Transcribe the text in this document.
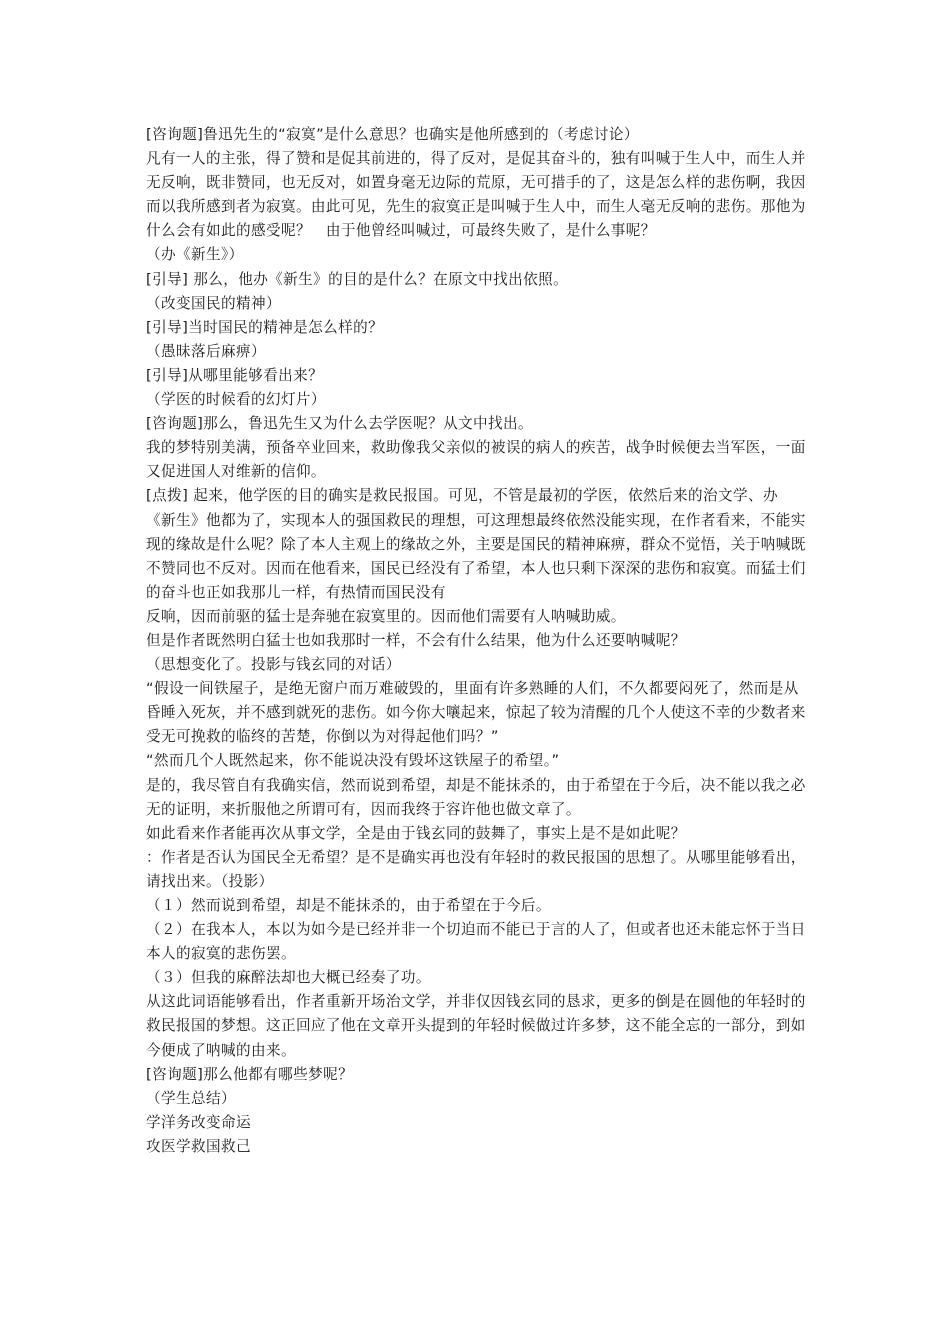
[咨询题]鲁迅先生的“寂寞”是什么意思？也确实是他所感到的（考虑讨论）

凡有一人的主张，得了赞和是促其前进的，得了反对，是促其奋斗的，独有叫喊于生人中，而生人并无反响，既非赞同，也无反对，如置身毫无边际的荒原，无可措手的了，这是怎么样的悲伤啊，我因而以我所感到者为寂寞。由此可见，先生的寂寞正是叫喊于生人中，而生人毫无反响的悲伤。那他为什么会有如此的感受呢？　由于他曾经叫喊过，可最终失败了，是什么事呢？

（办《新生》）

[引导] 那么，他办《新生》的目的是什么？在原文中找出依照。

（改变国民的精神）

[引导]当时国民的精神是怎么样的？

（愚昧落后麻痹）

[引导]从哪里能够看出来？

（学医的时候看的幻灯片）

[咨询题]那么，鲁迅先生又为什么去学医呢？从文中找出。

我的梦特别美满，预备卒业回来，救助像我父亲似的被误的病人的疾苦，战争时候便去当军医，一面又促进国人对维新的信仰。

[点拨] 起来，他学医的目的确实是救民报国。可见，不管是最初的学医，依然后来的治文学、办《新生》他都为了，实现本人的强国救民的理想，可这理想最终依然没能实现，在作者看来，不能实现的缘故是什么呢？除了本人主观上的缘故之外，主要是国民的精神麻痹，群众不觉悟，关于呐喊既不赞同也不反对。因而在他看来，国民已经没有了希望，本人也只剩下深深的悲伤和寂寞。而猛士们的奋斗也正如我那儿一样，有热情而国民没有

反响，因而前驱的猛士是奔驰在寂寞里的。因而他们需要有人呐喊助威。

但是作者既然明白猛士也如我那时一样，不会有什么结果，他为什么还要呐喊呢？

（思想变化了。投影与钱玄同的对话）

“假设一间铁屋子，是绝无窗户而万难破毁的，里面有许多熟睡的人们，不久都要闷死了，然而是从昏睡入死灰，并不感到就死的悲伤。如今你大嚷起来，惊起了较为清醒的几个人使这不幸的少数者来受无可挽救的临终的苦楚，你倒以为对得起他们吗？”

“然而几个人既然起来，你不能说决没有毁坏这铁屋子的希望。”

是的，我尽管自有我确实信，然而说到希望，却是不能抹杀的，由于希望在于今后，决不能以我之必无的证明，来折服他之所谓可有，因而我终于容许他也做文章了。

如此看来作者能再次从事文学，全是由于钱玄同的鼓舞了，事实上是不是如此呢？

：作者是否认为国民全无希望？是不是确实再也没有年轻时的救民报国的思想了。从哪里能够看出，请找出来。（投影）

（１）然而说到希望，却是不能抹杀的，由于希望在于今后。

（２）在我本人，本以为如今是已经并非一个切迫而不能已于言的人了，但或者也还未能忘怀于当日本人的寂寞的悲伤罢。

（３）但我的麻醉法却也大概已经奏了功。

从这此词语能够看出，作者重新开场治文学，并非仅因钱玄同的恳求，更多的倒是在圆他的年轻时的救民报国的梦想。这正回应了他在文章开头提到的年轻时候做过许多梦，这不能全忘的一部分，到如今便成了呐喊的由来。

[咨询题]那么他都有哪些梦呢？

（学生总结）

学洋务改变命运

攻医学救国救己
